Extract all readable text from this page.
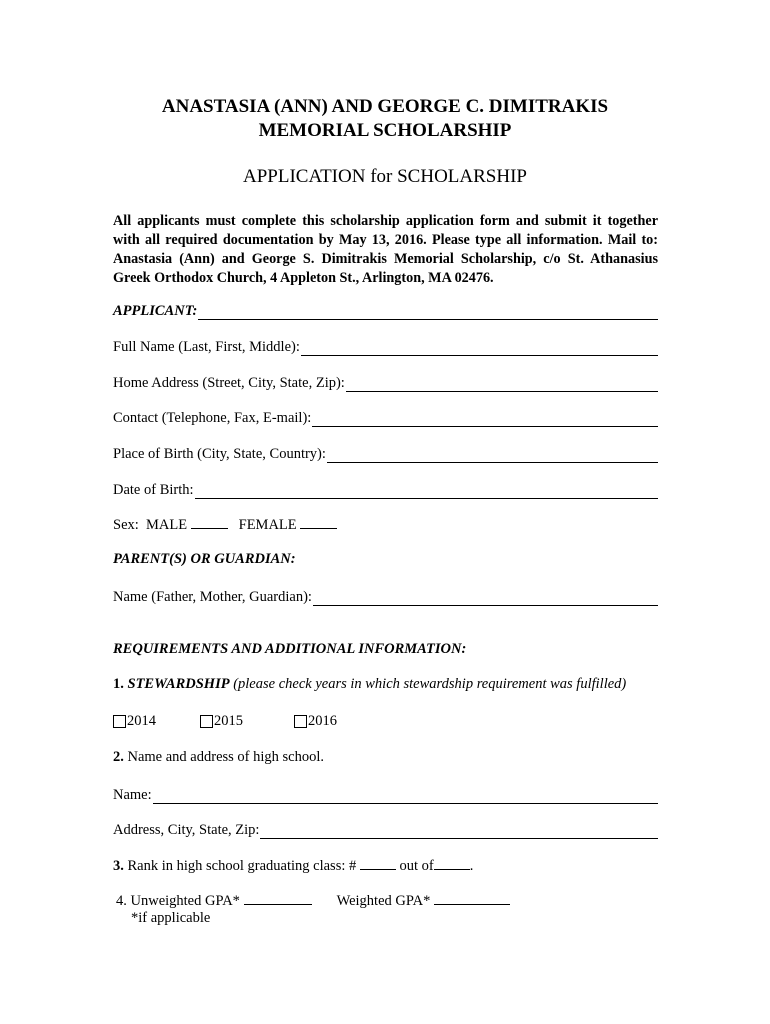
ANASTASIA (ANN) AND GEORGE C. DIMITRAKIS
MEMORIAL SCHOLARSHIP
APPLICATION for SCHOLARSHIP
All applicants must complete this scholarship application form and submit it together with all required documentation by May 13, 2016. Please type all information. Mail to: Anastasia (Ann) and George S. Dimitrakis Memorial Scholarship, c/o St. Athanasius Greek Orthodox Church, 4 Appleton St., Arlington, MA 02476.
APPLICANT:
Full Name (Last, First, Middle):
Home Address (Street, City, State, Zip):
Contact (Telephone, Fax, E-mail):
Place of Birth (City, State, Country):
Date of Birth:
Sex: MALE	FEMALE
PARENT(S) OR GUARDIAN:
Name (Father, Mother, Guardian):
REQUIREMENTS AND ADDITIONAL INFORMATION:
1. STEWARDSHIP (please check years in which stewardship requirement was fulfilled)
2014	2015	2016
2. Name and address of high school.
Name:
Address, City, State, Zip:
3. Rank in high school graduating class: #	out of .
4. Unweighted GPA*	Weighted GPA*
*if applicable
